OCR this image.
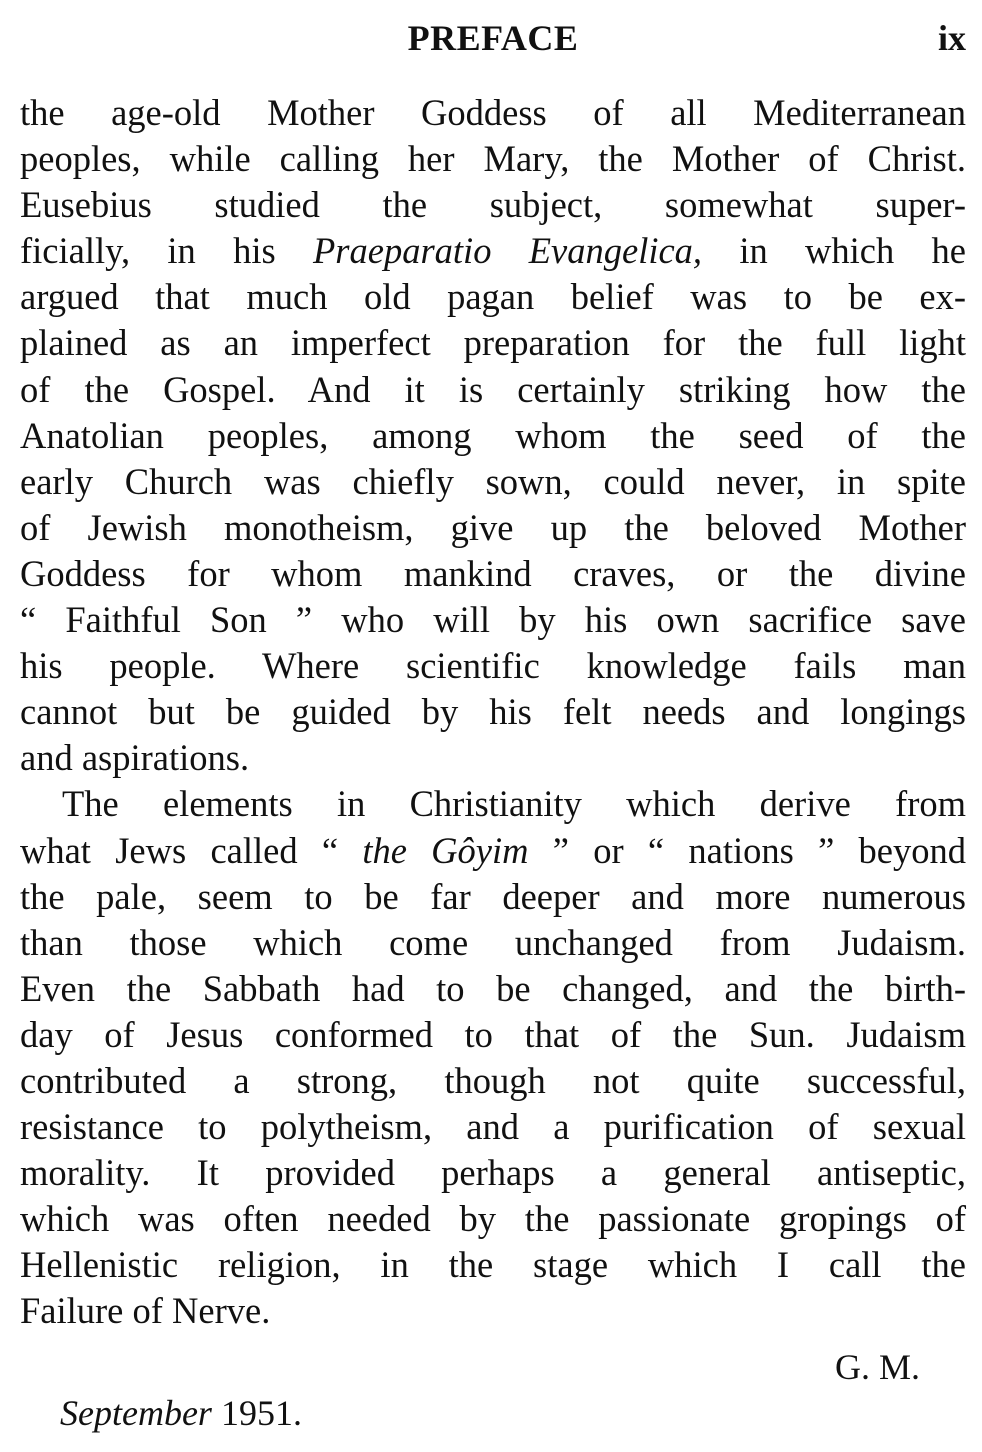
PREFACE	ix
the age-old Mother Goddess of all Mediterranean
peoples, while calling her Mary, the Mother of Christ.
Eusebius studied the subject, somewhat super-
ficially, in his Praeparatio Evangelica, in which he
argued that much old pagan belief was to be ex-
plained as an imperfect preparation for the full light
of the Gospel. And it is certainly striking how the
Anatolian peoples, among whom the seed of the
early Church was chiefly sown, could never, in spite
of Jewish monotheism, give up the beloved Mother
Goddess for whom mankind craves, or the divine
“ Faithful Son ” who will by his own sacrifice save
his people. Where scientific knowledge fails man
cannot but be guided by his felt needs and longings
and aspirations.
The elements in Christianity which derive from
what Jews called “ the Gôyim ” or “ nations ” beyond
the pale, seem to be far deeper and more numerous
than those which come unchanged from Judaism.
Even the Sabbath had to be changed, and the birth-
day of Jesus conformed to that of the Sun. Judaism
contributed a strong, though not quite successful,
resistance to polytheism, and a purification of sexual
morality. It provided perhaps a general antiseptic,
which was often needed by the passionate gropings of
Hellenistic religion, in the stage which I call the
Failure of Nerve.
G. M.
September 1951.
